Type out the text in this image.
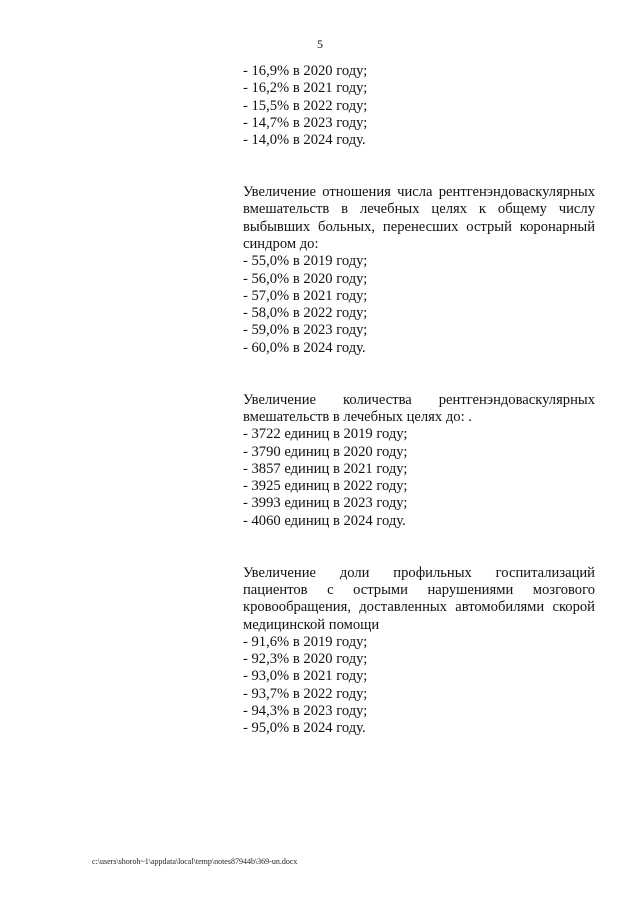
5
- 16,9% в 2020 году;
- 16,2% в 2021 году;
- 15,5% в 2022 году;
- 14,7% в 2023 году;
- 14,0% в 2024 году.

Увеличение отношения числа рентгенэндоваскулярных вмешательств в лечебных целях к общему числу выбывших больных, перенесших острый коронарный синдром до:

- 55,0% в 2019 году;
- 56,0% в 2020 году;
- 57,0% в 2021 году;
- 58,0% в 2022 году;
- 59,0% в 2023 году;
- 60,0% в 2024 году.

Увеличение количества рентгенэндоваскулярных вмешательств в лечебных целях до: .

- 3722 единиц в 2019 году;
- 3790 единиц в 2020 году;
- 3857 единиц в 2021 году;
- 3925 единиц в 2022 году;
- 3993 единиц в 2023 году;
- 4060 единиц в 2024 году.

Увеличение доли профильных госпитализаций пациентов с острыми нарушениями мозгового кровообращения, доставленных автомобилями скорой медицинской помощи

- 91,6% в 2019 году;
- 92,3% в 2020 году;
- 93,0% в 2021 году;
- 93,7% в 2022 году;
- 94,3% в 2023 году;
- 95,0% в 2024 году.
c:\users\shoroh~1\appdata\local\temp\notes87944b\369-un.docx
